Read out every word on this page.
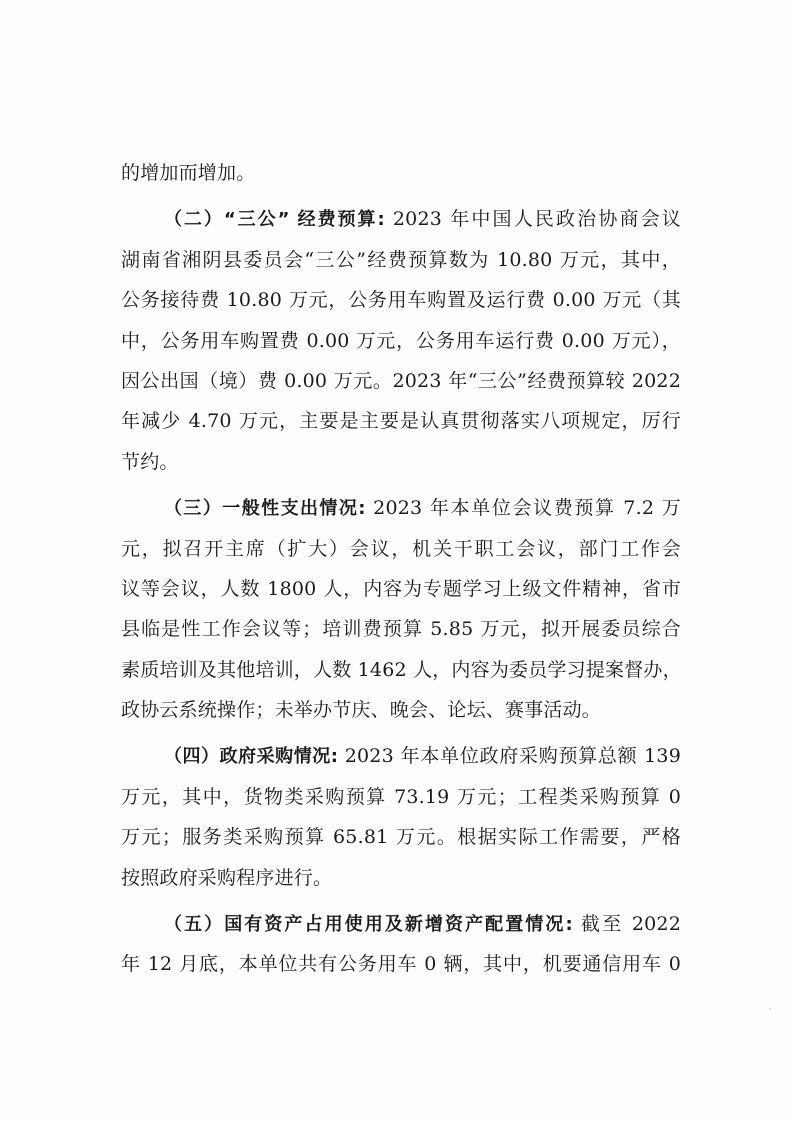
的增加而增加。
（二）“三公” 经费预算: 2023 年中国人民政治协商会议
湖南省湘阴县委员会“三公”经费预算数为 10.80 万元，其中，
公务接待费 10.80 万元，公务用车购置及运行费 0.00 万元（其
中，公务用车购置费 0.00 万元，公务用车运行费 0.00 万元），
因公出国（境）费 0.00 万元。2023 年“三公”经费预算较 2022
年减少 4.70 万元，主要是主要是认真贯彻落实八项规定，厉行
节约。
（三）一般性支出情况: 2023 年本单位会议费预算 7.2 万
元，拟召开主席（扩大）会议，机关干职工会议，部门工作会
议等会议，人数 1800 人，内容为专题学习上级文件精神，省市
县临是性工作会议等；培训费预算 5.85 万元，拟开展委员综合
素质培训及其他培训，人数 1462 人，内容为委员学习提案督办，
政协云系统操作；未举办节庆、晚会、论坛、赛事活动。
（四）政府采购情况: 2023 年本单位政府采购预算总额 139
万元，其中，货物类采购预算 73.19 万元；工程类采购预算 0
万元；服务类采购预算 65.81 万元。根据实际工作需要，严格
按照政府采购程序进行。
（五）国有资产占用使用及新增资产配置情况: 截至 2022
年 12 月底，本单位共有公务用车 0 辆，其中，机要通信用车 0
